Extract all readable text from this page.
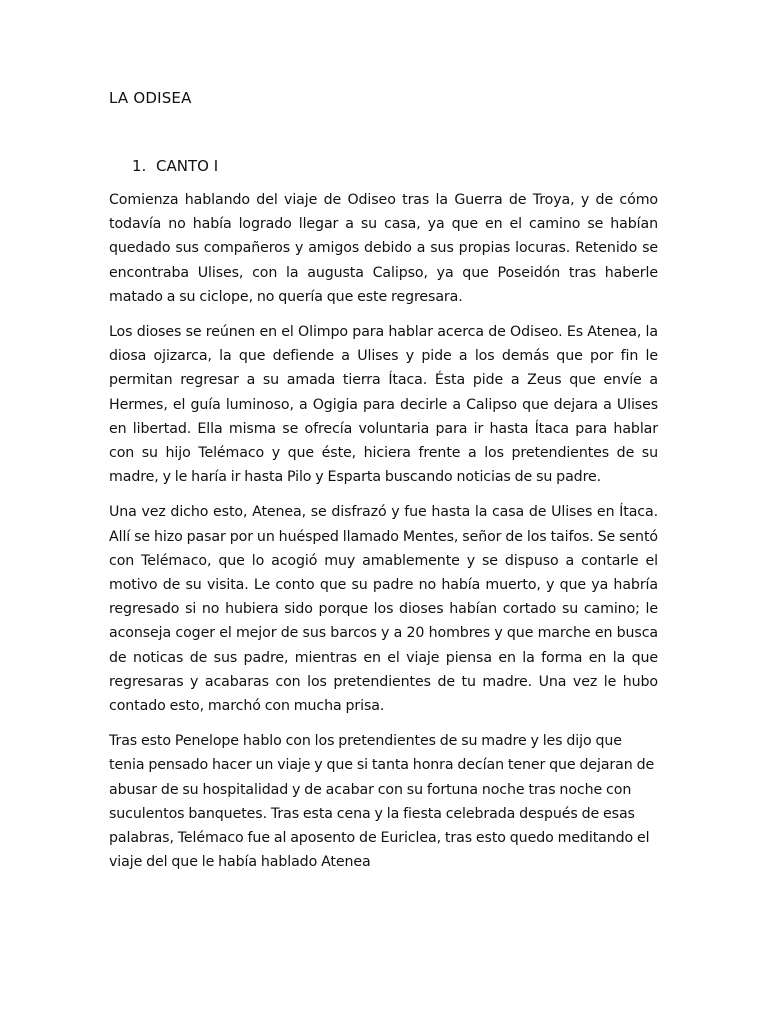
LA ODISEA
1. CANTO I

Comienza hablando del viaje de Odiseo tras la Guerra de Troya, y de cómo todavía no había logrado llegar a su casa, ya que en el camino se habían quedado sus compañeros y amigos debido a sus propias locuras. Retenido se encontraba Ulises, con la augusta Calipso, ya que Poseidón tras haberle matado a su ciclope, no quería que este regresara.

Los dioses se reúnen en el Olimpo para hablar acerca de Odiseo. Es Atenea, la diosa ojizarca, la que defiende a Ulises y pide a los demás que por fin le permitan regresar a su amada tierra Ítaca. Ésta pide a Zeus que envíe a Hermes, el guía luminoso, a Ogigia para decirle a Calipso que dejara a Ulises en libertad. Ella misma se ofrecía voluntaria para ir hasta Ítaca para hablar con su hijo Telémaco y que éste, hiciera frente a los pretendientes de su madre, y le haría ir hasta Pilo y Esparta buscando noticias de su padre.

Una vez dicho esto, Atenea, se disfrazó y fue hasta la casa de Ulises en Ítaca. Allí se hizo pasar por un huésped llamado Mentes, señor de los taifos. Se sentó con Telémaco, que lo acogió muy amablemente y se dispuso a contarle el motivo de su visita. Le conto que su padre no había muerto, y que ya habría regresado si no hubiera sido porque los dioses habían cortado su camino; le aconseja coger el mejor de sus barcos y a 20 hombres y que marche en busca de noticas de sus padre, mientras en el viaje piensa en la forma en la que regresaras y acabaras con los pretendientes de tu madre. Una vez le hubo contado esto, marchó con mucha prisa.

Tras esto Penelope hablo con los pretendientes de su madre y les dijo que tenia pensado hacer un viaje y que si tanta honra decían tener que dejaran de abusar de su hospitalidad y de acabar con su fortuna noche tras noche con suculentos banquetes. Tras esta cena y la fiesta celebrada después de esas palabras, Telémaco fue al aposento de Euriclea, tras esto quedo meditando el viaje del que le había hablado Atenea
